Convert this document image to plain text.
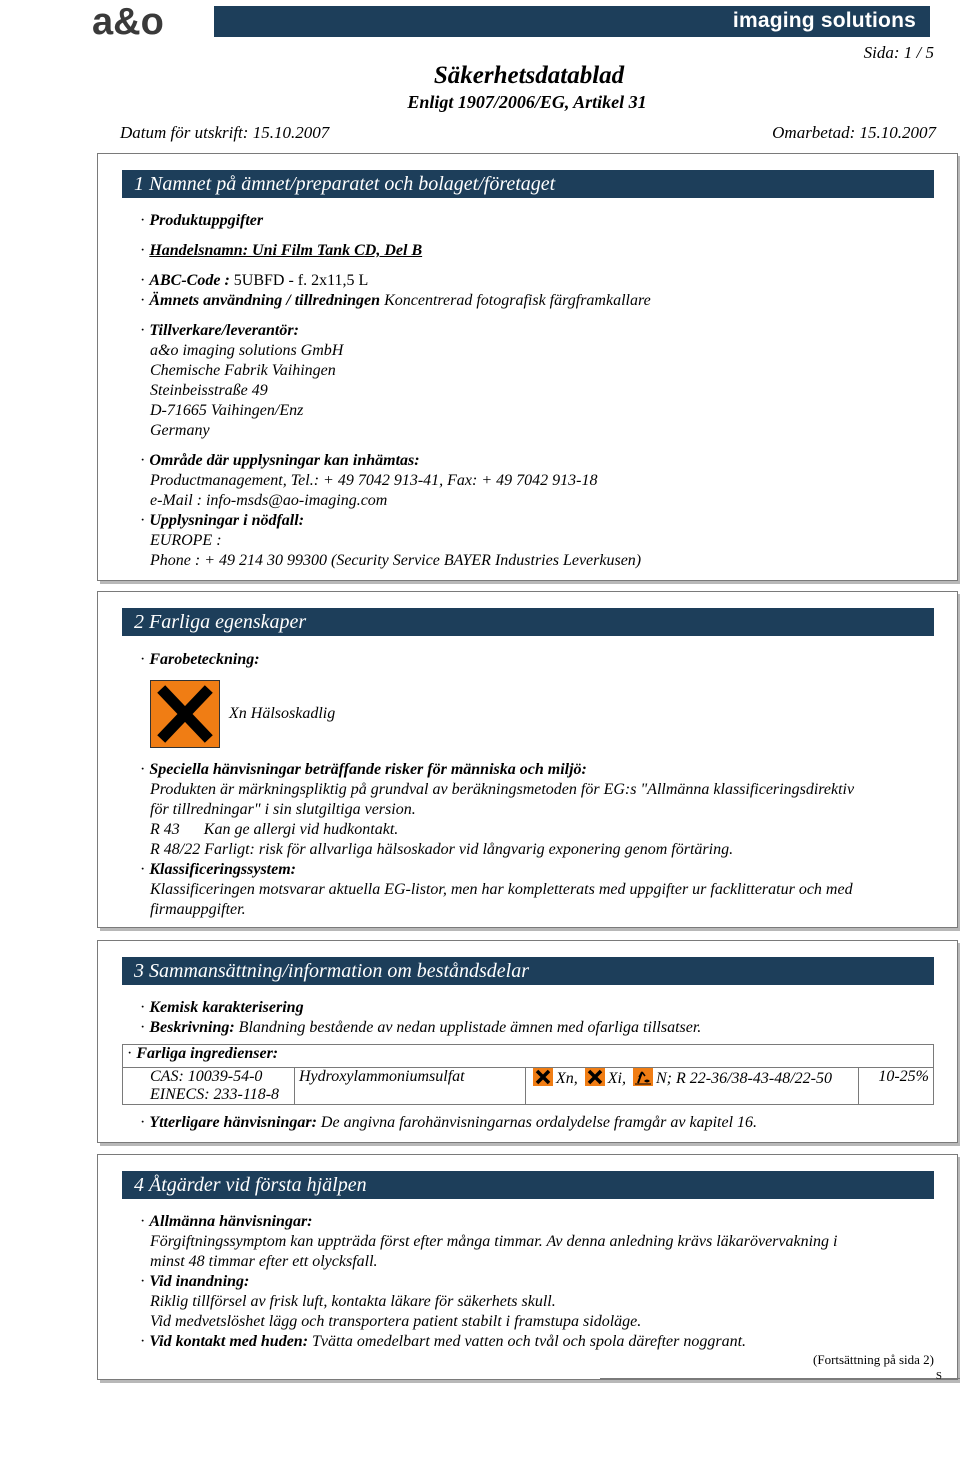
a&o	imaging solutions
Sida: 1 / 5
Säkerhetsdatablad
Enligt 1907/2006/EG, Artikel 31
Datum för utskrift: 15.10.2007	Omarbetad: 15.10.2007
1 Namnet på ämnet/preparatet och bolaget/företaget
· Produktuppgifter
· Handelsnamn: Uni Film Tank CD, Del B
· ABC-Code : 5UBFD - f. 2x11,5 L
· Ämnets användning / tillredningen Koncentrerad fotografisk färgframkallare
· Tillverkare/leverantör:
a&o imaging solutions GmbH
Chemische Fabrik Vaihingen
Steinbeisstraße 49
D-71665 Vaihingen/Enz
Germany
· Område där upplysningar kan inhämtas:
Productmanagement, Tel.: + 49 7042 913-41, Fax: + 49 7042 913-18
e-Mail : info-msds@ao-imaging.com
· Upplysningar i nödfall:
EUROPE :
Phone : + 49 214 30 99300 (Security Service BAYER Industries Leverkusen)
2 Farliga egenskaper
· Farobeteckning:
Xn Hälsoskadlig
· Speciella hänvisningar beträffande risker för människa och miljö:
Produkten är märkningspliktig på grundval av beräkningsmetoden för EG:s "Allmänna klassificeringsdirektiv
för tillredningar" i sin slutgiltiga version.
R 43 Kan ge allergi vid hudkontakt.
R 48/22 Farligt: risk för allvarliga hälsoskador vid långvarig exponering genom förtäring.
· Klassificeringssystem:
Klassificeringen motsvarar aktuella EG-listor, men har kompletterats med uppgifter ur facklitteratur och med
firmauppgifter.
3 Sammansättning/information om beståndsdelar
· Kemisk karakterisering
· Beskrivning: Blandning bestående av nedan upplistade ämnen med ofarliga tillsatser.
· Farliga ingredienser:

CAS: 10039-54-0
EINECS: 233-118-8
	Hydroxylammoniumsulfat	Xn, Xi, N; R 22-36/38-43-48/22-50	10-25%
· Ytterligare hänvisningar: De angivna farohänvisningarnas ordalydelse framgår av kapitel 16.
4 Åtgärder vid första hjälpen
· Allmänna hänvisningar:
Förgiftningssymptom kan uppträda först efter många timmar. Av denna anledning krävs läkarövervakning i
minst 48 timmar efter ett olycksfall.
· Vid inandning:
Riklig tillförsel av frisk luft, kontakta läkare för säkerhets skull.
Vid medvetslöshet lägg och transportera patient stabilt i framstupa sidoläge.
· Vid kontakt med huden: Tvätta omedelbart med vatten och tvål och spola därefter noggrant.
(Fortsättning på sida 2)
S
